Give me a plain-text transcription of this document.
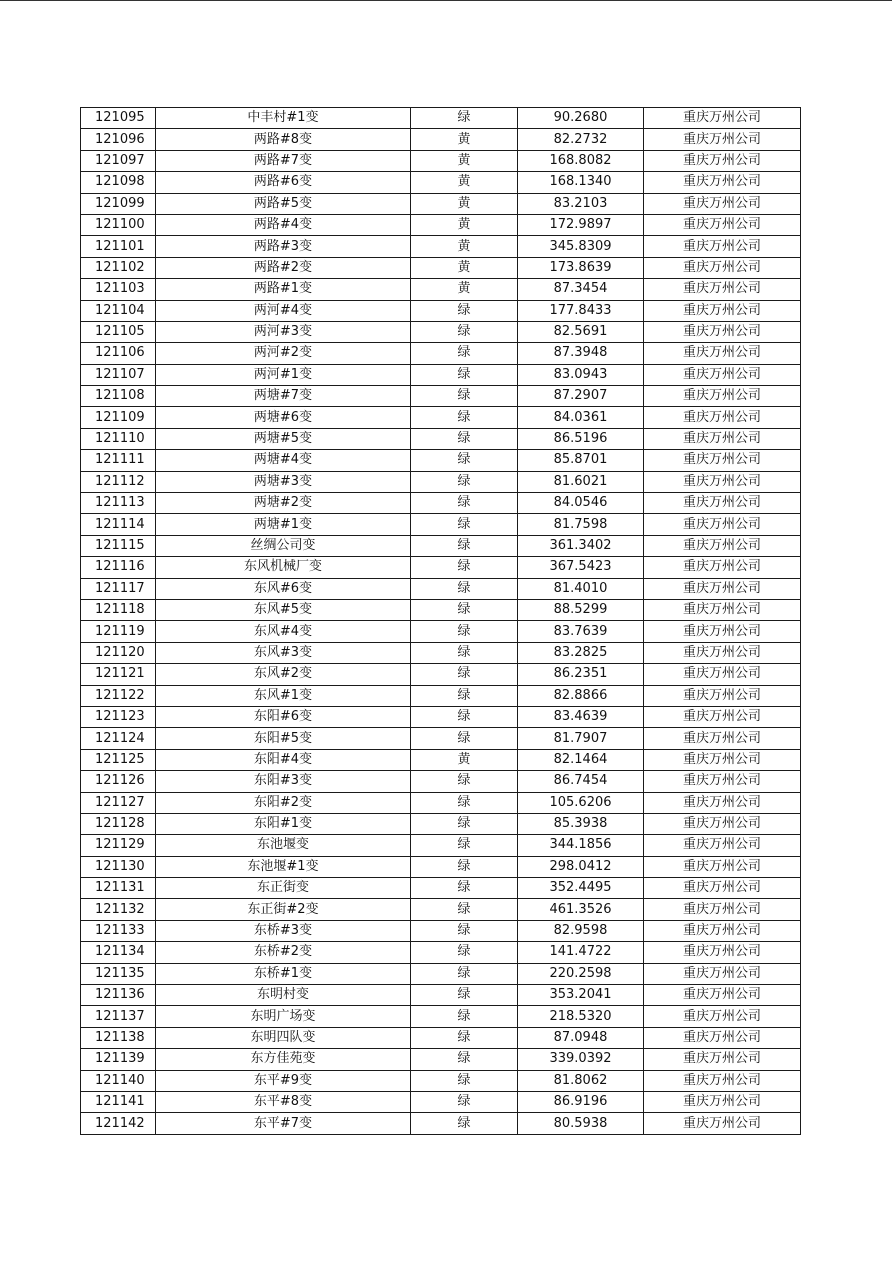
121095	中丰村#1变	绿	90.2680	重庆万州公司
121096	两路#8变	黄	82.2732	重庆万州公司
121097	两路#7变	黄	168.8082	重庆万州公司
121098	两路#6变	黄	168.1340	重庆万州公司
121099	两路#5变	黄	83.2103	重庆万州公司
121100	两路#4变	黄	172.9897	重庆万州公司
121101	两路#3变	黄	345.8309	重庆万州公司
121102	两路#2变	黄	173.8639	重庆万州公司
121103	两路#1变	黄	87.3454	重庆万州公司
121104	两河#4变	绿	177.8433	重庆万州公司
121105	两河#3变	绿	82.5691	重庆万州公司
121106	两河#2变	绿	87.3948	重庆万州公司
121107	两河#1变	绿	83.0943	重庆万州公司
121108	两塘#7变	绿	87.2907	重庆万州公司
121109	两塘#6变	绿	84.0361	重庆万州公司
121110	两塘#5变	绿	86.5196	重庆万州公司
121111	两塘#4变	绿	85.8701	重庆万州公司
121112	两塘#3变	绿	81.6021	重庆万州公司
121113	两塘#2变	绿	84.0546	重庆万州公司
121114	两塘#1变	绿	81.7598	重庆万州公司
121115	丝绸公司变	绿	361.3402	重庆万州公司
121116	东风机械厂变	绿	367.5423	重庆万州公司
121117	东风#6变	绿	81.4010	重庆万州公司
121118	东风#5变	绿	88.5299	重庆万州公司
121119	东风#4变	绿	83.7639	重庆万州公司
121120	东风#3变	绿	83.2825	重庆万州公司
121121	东风#2变	绿	86.2351	重庆万州公司
121122	东风#1变	绿	82.8866	重庆万州公司
121123	东阳#6变	绿	83.4639	重庆万州公司
121124	东阳#5变	绿	81.7907	重庆万州公司
121125	东阳#4变	黄	82.1464	重庆万州公司
121126	东阳#3变	绿	86.7454	重庆万州公司
121127	东阳#2变	绿	105.6206	重庆万州公司
121128	东阳#1变	绿	85.3938	重庆万州公司
121129	东池堰变	绿	344.1856	重庆万州公司
121130	东池堰#1变	绿	298.0412	重庆万州公司
121131	东正街变	绿	352.4495	重庆万州公司
121132	东正街#2变	绿	461.3526	重庆万州公司
121133	东桥#3变	绿	82.9598	重庆万州公司
121134	东桥#2变	绿	141.4722	重庆万州公司
121135	东桥#1变	绿	220.2598	重庆万州公司
121136	东明村变	绿	353.2041	重庆万州公司
121137	东明广场变	绿	218.5320	重庆万州公司
121138	东明四队变	绿	87.0948	重庆万州公司
121139	东方佳苑变	绿	339.0392	重庆万州公司
121140	东平#9变	绿	81.8062	重庆万州公司
121141	东平#8变	绿	86.9196	重庆万州公司
121142	东平#7变	绿	80.5938	重庆万州公司
